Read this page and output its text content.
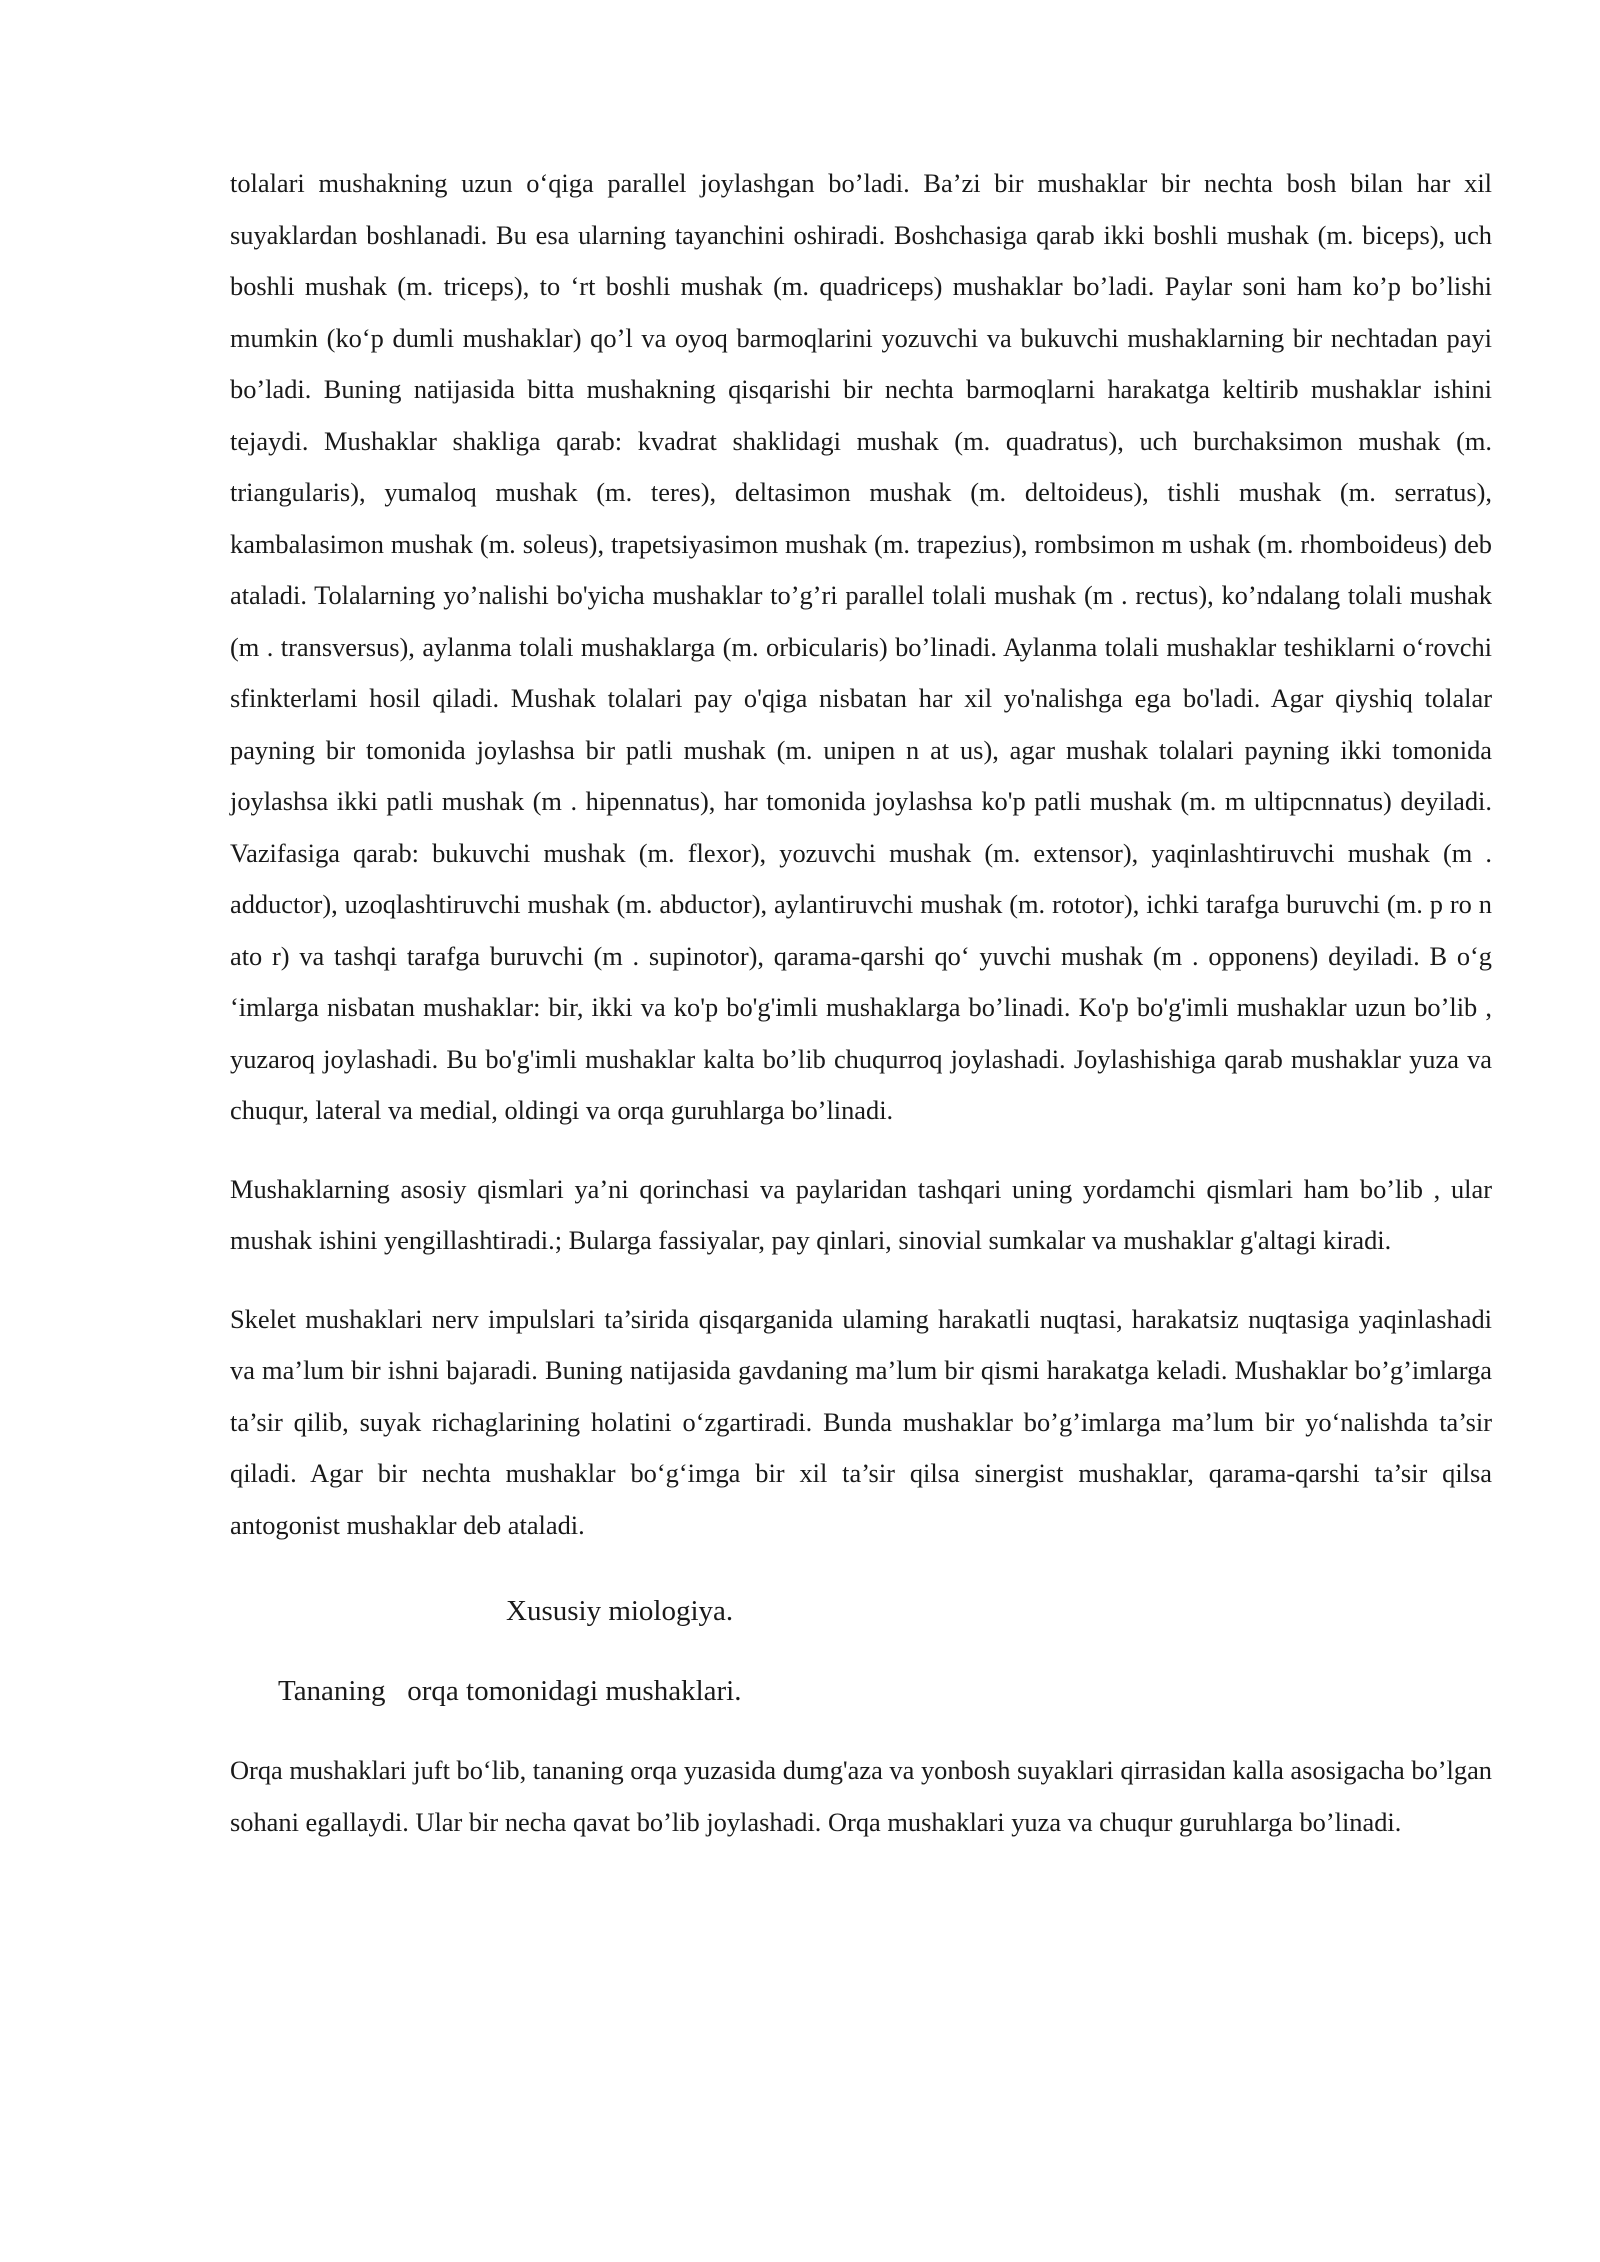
tolalari mushakning uzun o‘qiga parallel joylashgan bo’ladi. Ba’zi bir mushaklar bir nechta bosh bilan har xil suyaklardan boshlanadi. Bu esa ularning tayanchini oshiradi. Boshchasiga qarab ikki boshli mushak (m. biceps), uch boshli mushak (m. triceps), to ‘rt boshli mushak (m. quadriceps) mushaklar bo’ladi. Paylar soni ham ko’p bo’lishi mumkin (ko‘p dumli mushaklar) qo’l va oyoq barmoqlarini yozuvchi va bukuvchi mushaklarning bir nechtadan payi bo’ladi. Buning natijasida bitta mushakning qisqarishi bir nechta barmoqlarni harakatga keltirib mushaklar ishini tejaydi. Mushaklar shakliga qarab: kvadrat shaklidagi mushak (m. quadratus), uch burchaksimon mushak (m. triangularis), yumaloq mushak (m. teres), deltasimon mushak (m. deltoideus), tishli mushak (m. serratus), kambalasimon mushak (m. soleus), trapetsiyasimon mushak (m. trapezius), rombsimon m ushak (m. rhomboideus) deb ataladi. Tolalarning yo’nalishi bo'yicha mushaklar to’g’ri parallel tolali mushak (m . rectus), ko’ndalang tolali mushak (m . transversus), aylanma tolali mushaklarga (m. orbicularis) bo’linadi. Aylanma tolali mushaklar teshiklarni o‘rovchi sfinkterlami hosil qiladi. Mushak tolalari pay o'qiga nisbatan har xil yo'nalishga ega bo'ladi. Agar qiyshiq tolalar payning bir tomonida joylashsa bir patli mushak (m. unipen n at us), agar mushak tolalari payning ikki tomonida joylashsa ikki patli mushak (m . hipennatus), har tomonida joylashsa ko'p patli mushak (m. m ultipcnnatus) deyiladi. Vazifasiga qarab: bukuvchi mushak (m. flexor), yozuvchi mushak (m. extensor), yaqinlashtiruvchi mushak (m . adductor), uzoqlashtiruvchi mushak (m. abductor), aylantiruvchi mushak (m. rototor), ichki tarafga buruvchi (m. p ro n ato r) va tashqi tarafga buruvchi (m . supinotor), qarama-qarshi qo‘ yuvchi mushak (m . opponens) deyiladi. B o‘g ‘imlarga nisbatan mushaklar: bir, ikki va ko'p bo'g'imli mushaklarga bo’linadi. Ko'p bo'g'imli mushaklar uzun bo’lib , yuzaroq joylashadi. Bu bo'g'imli mushaklar kalta bo’lib chuqurroq joylashadi. Joylashishiga qarab mushaklar yuza va chuqur, lateral va medial, oldingi va orqa guruhlarga bo’linadi.

Mushaklarning asosiy qismlari ya’ni qorinchasi va paylaridan tashqari uning yordamchi qismlari ham bo’lib , ular mushak ishini yengillashtiradi.; Bularga fassiyalar, pay qinlari, sinovial sumkalar va mushaklar g'altagi kiradi.

Skelet mushaklari nerv impulslari ta’sirida qisqarganida ulaming harakatli nuqtasi, harakatsiz nuqtasiga yaqinlashadi va ma’lum bir ishni bajaradi. Buning natijasida gavdaning ma’lum bir qismi harakatga keladi. Mushaklar bo’g’imlarga ta’sir qilib, suyak richaglarining holatini o‘zgartiradi. Bunda mushaklar bo’g’imlarga ma’lum bir yo‘nalishda ta’sir qiladi. Agar bir nechta mushaklar bo‘g‘imga bir xil ta’sir qilsa sinergist mushaklar, qarama-qarshi ta’sir qilsa antogonist mushaklar deb ataladi.

Xususiy miologiya.
Tananing   orqa tomonidagi mushaklari.

Orqa mushaklari juft bo‘lib, tananing orqa yuzasida dumg'aza va yonbosh suyaklari qirrasidan kalla asosigacha bo’lgan sohani egallaydi. Ular bir necha qavat bo’lib joylashadi. Orqa mushaklari yuza va chuqur guruhlarga bo’linadi.
